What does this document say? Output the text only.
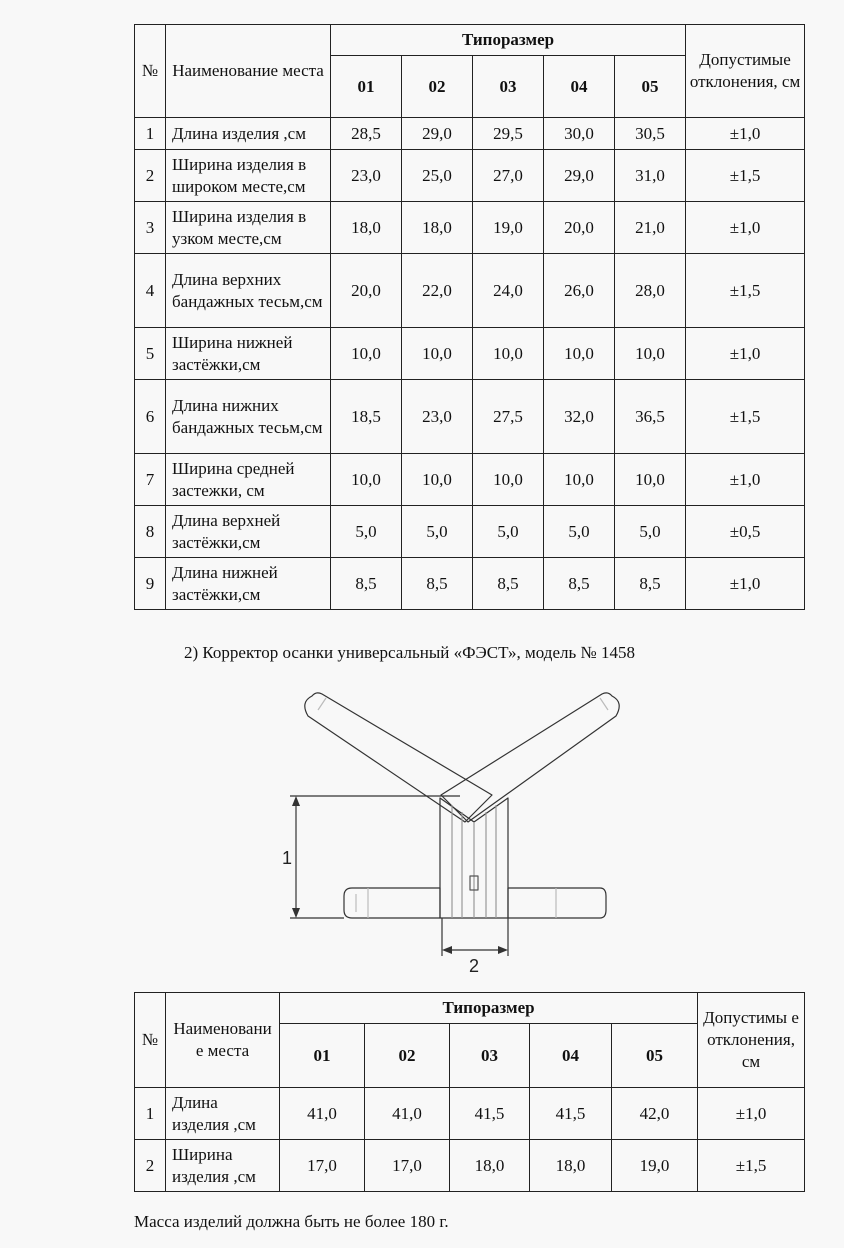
№	Наименование места	Типоразмер					Допустимые отклонения, см
		01	02	03	04	05	
1	Длина изделия ,см	28,5	29,0	29,5	30,0	30,5	±1,0
2	Ширина изделия в широком месте,см	23,0	25,0	27,0	29,0	31,0	±1,5
3	Ширина изделия в узком месте,см	18,0	18,0	19,0	20,0	21,0	±1,0
4	Длина верхних бандажных тесьм,см	20,0	22,0	24,0	26,0	28,0	±1,5
5	Ширина нижней застёжки,см	10,0	10,0	10,0	10,0	10,0	±1,0
6	Длина нижних бандажных тесьм,см	18,5	23,0	27,5	32,0	36,5	±1,5
7	Ширина средней застежки, см	10,0	10,0	10,0	10,0	10,0	±1,0
8	Длина верхней застёжки,см	5,0	5,0	5,0	5,0	5,0	±0,5
9	Длина нижней застёжки,см	8,5	8,5	8,5	8,5	8,5	±1,0
2) Корректор осанки универсальный «ФЭСТ», модель № 1458
1
2
№	Наименовани е места	Типоразмер					Допустимы е отклонения, см
		01	02	03	04	05	
1	Длина изделия ,см	41,0	41,0	41,5	41,5	42,0	±1,0
2	Ширина изделия ,см	17,0	17,0	18,0	18,0	19,0	±1,5
Масса изделий должна быть не более 180 г.
